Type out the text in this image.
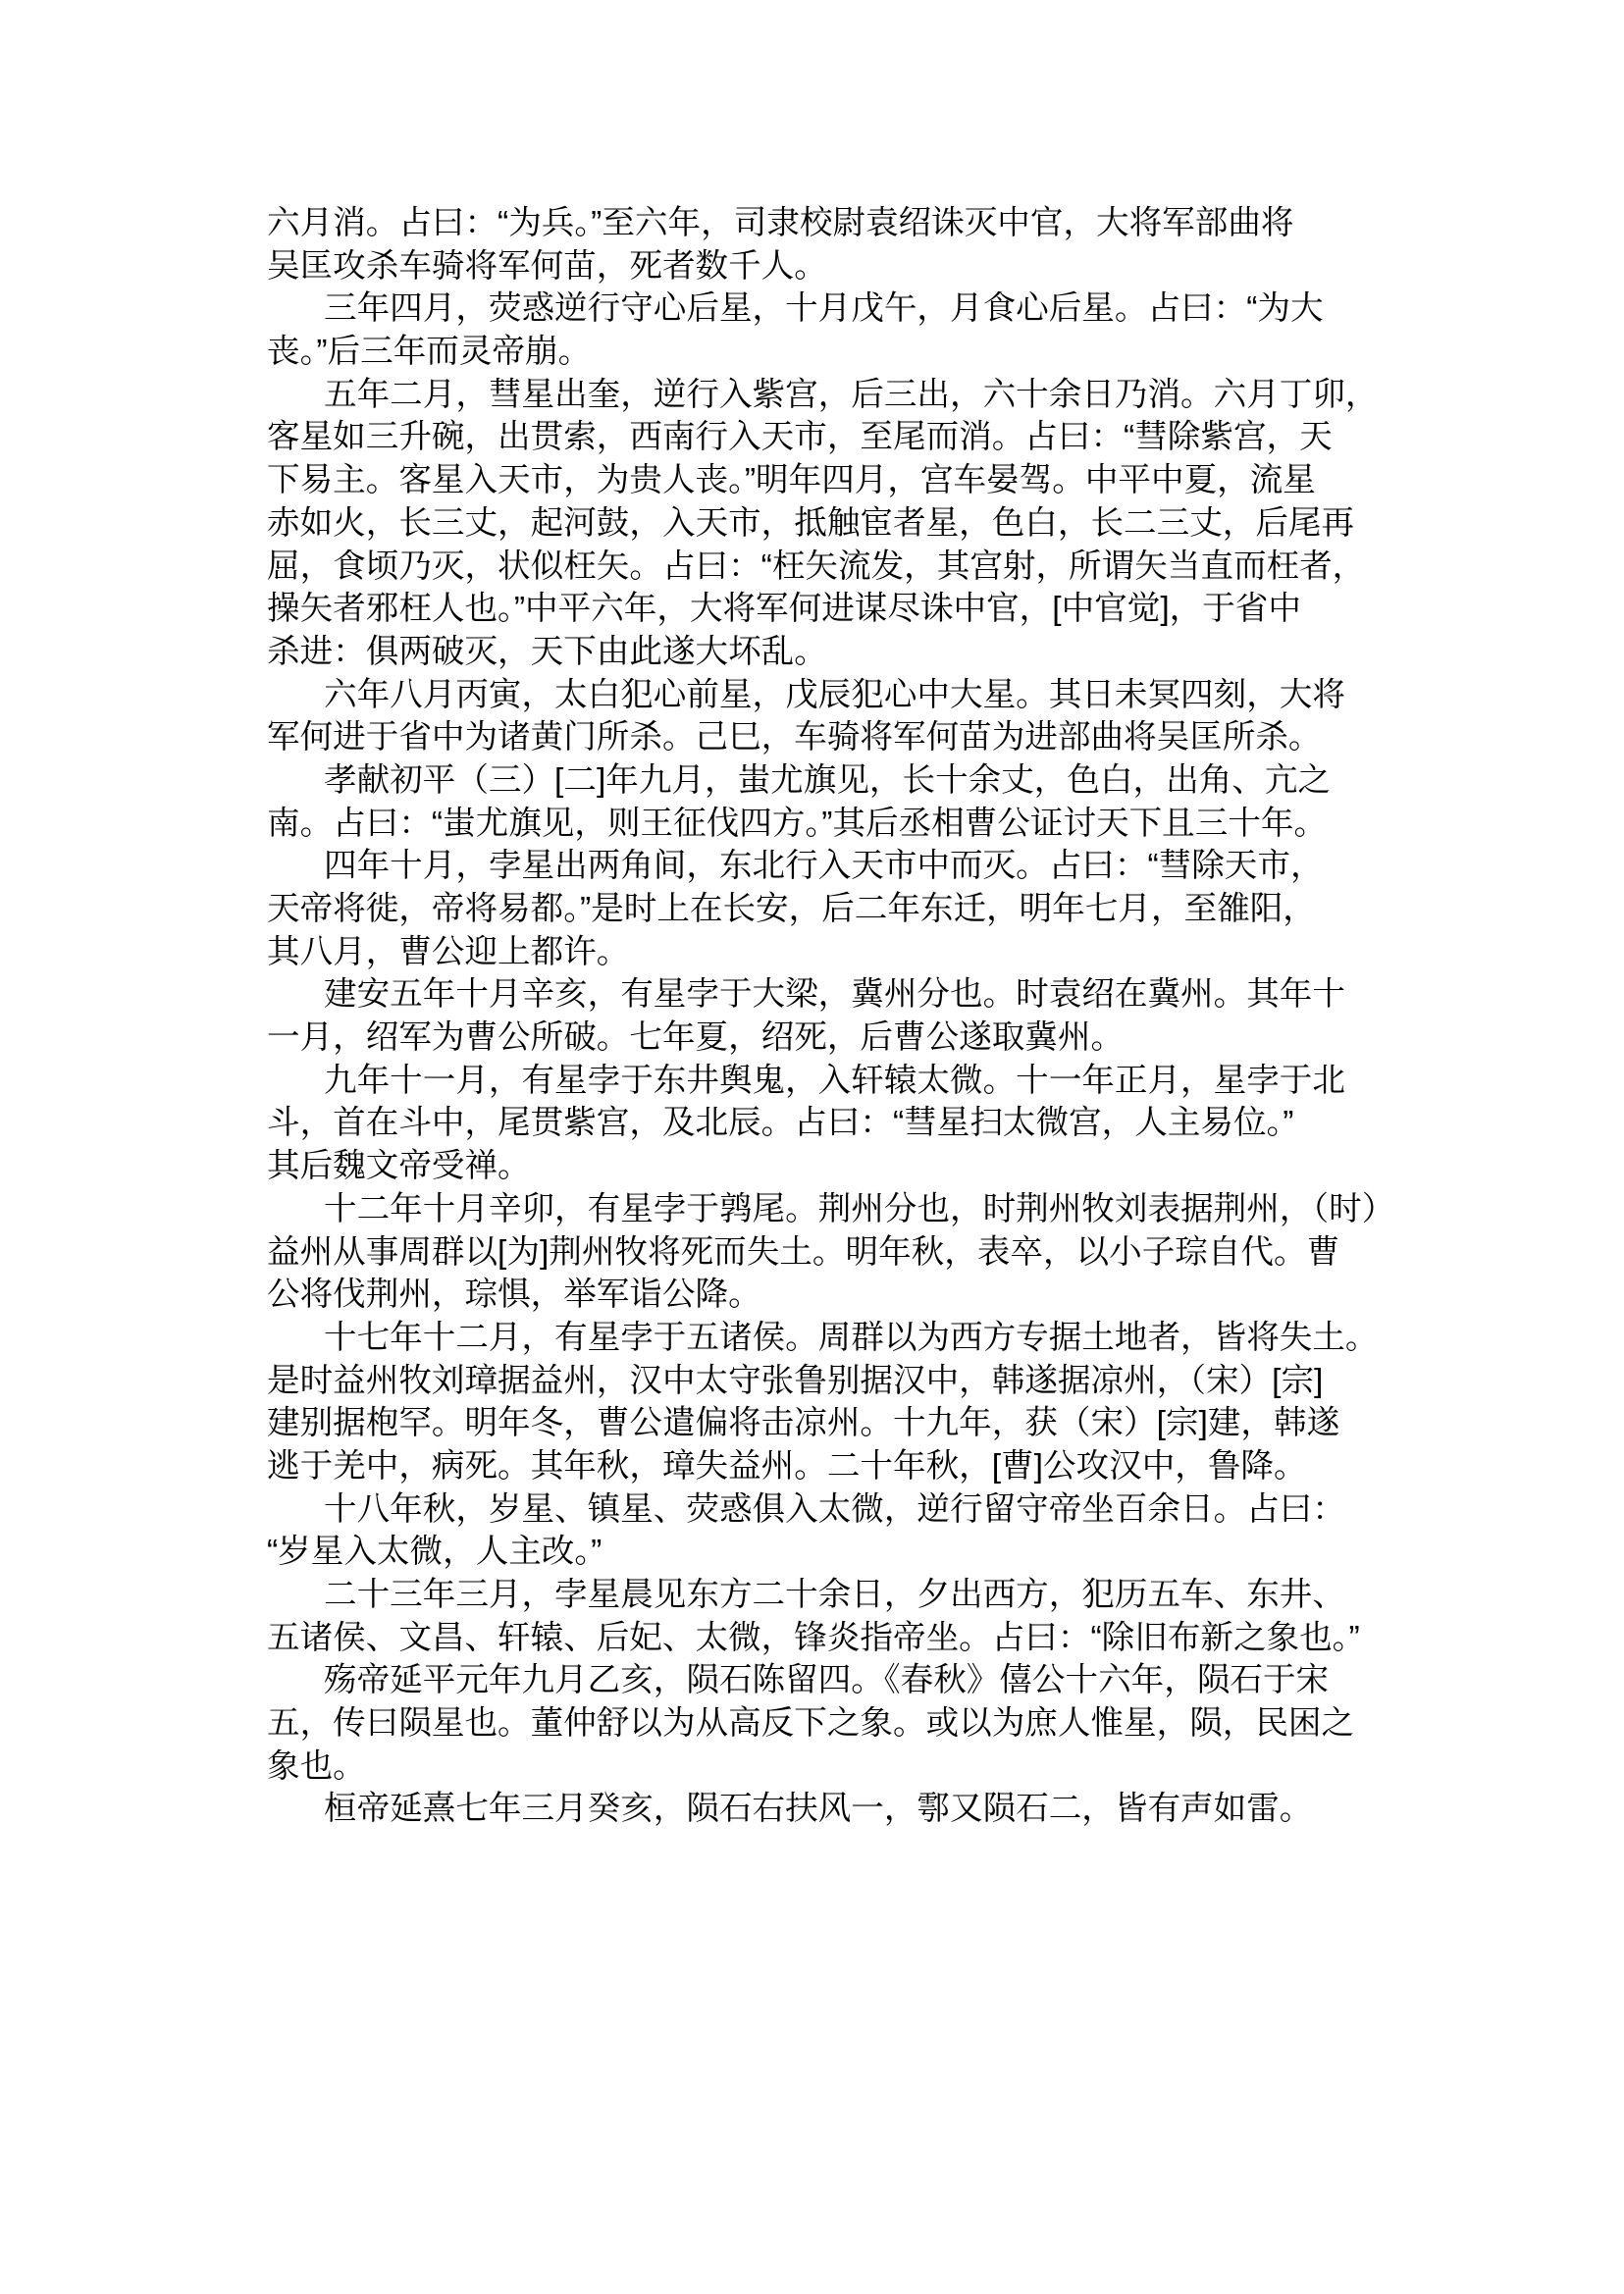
六月消。占曰：“为兵。”至六年，司隶校尉袁绍诛灭中官，大将军部曲将
吴匡攻杀车骑将军何苗，死者数千人。
三年四月，荧惑逆行守心后星，十月戊午，月食心后星。占曰：“为大
丧。”后三年而灵帝崩。
五年二月，彗星出奎，逆行入紫宫，后三出，六十余日乃消。六月丁卯，
客星如三升碗，出贯索，西南行入天市，至尾而消。占曰：“彗除紫宫，天
下易主。客星入天市，为贵人丧。”明年四月，宫车晏驾。中平中夏，流星
赤如火，长三丈，起河鼓，入天市，抵触宦者星，色白，长二三丈，后尾再
屈，食顷乃灭，状似枉矢。占曰：“枉矢流发，其宫射，所谓矢当直而枉者，
操矢者邪枉人也。”中平六年，大将军何进谋尽诛中官，[中官觉]，于省中
杀进：俱两破灭，天下由此遂大坏乱。
六年八月丙寅，太白犯心前星，戊辰犯心中大星。其日未冥四刻，大将
军何进于省中为诸黄门所杀。己巳，车骑将军何苗为进部曲将吴匡所杀。
孝献初平（三）[二]年九月，蚩尤旗见，长十余丈，色白，出角、亢之
南。占曰：“蚩尤旗见，则王征伐四方。”其后丞相曹公证讨天下且三十年。
四年十月，孛星出两角间，东北行入天市中而灭。占曰：“彗除天市，
天帝将徙，帝将易都。”是时上在长安，后二年东迁，明年七月，至雒阳，
其八月，曹公迎上都许。
建安五年十月辛亥，有星孛于大梁，冀州分也。时袁绍在冀州。其年十
一月，绍军为曹公所破。七年夏，绍死，后曹公遂取冀州。
九年十一月，有星孛于东井舆鬼，入轩辕太微。十一年正月，星孛于北
斗，首在斗中，尾贯紫宫，及北辰。占曰：“彗星扫太微宫，人主易位。”
其后魏文帝受禅。
十二年十月辛卯，有星孛于鹑尾。荆州分也，时荆州牧刘表据荆州，（时）
益州从事周群以[为]荆州牧将死而失土。明年秋，表卒，以小子琮自代。曹
公将伐荆州，琮惧，举军诣公降。
十七年十二月，有星孛于五诸侯。周群以为西方专据土地者，皆将失土。
是时益州牧刘璋据益州，汉中太守张鲁别据汉中，韩遂据凉州，（宋）[宗]
建别据枹罕。明年冬，曹公遣偏将击凉州。十九年，获（宋）[宗]建，韩遂
逃于羌中，病死。其年秋，璋失益州。二十年秋，[曹]公攻汉中，鲁降。
十八年秋，岁星、镇星、荧惑俱入太微，逆行留守帝坐百余日。占曰：
“岁星入太微，人主改。”
二十三年三月，孛星晨见东方二十余日，夕出西方，犯历五车、东井、
五诸侯、文昌、轩辕、后妃、太微，锋炎指帝坐。占曰：“除旧布新之象也。”
殇帝延平元年九月乙亥，陨石陈留四。《春秋》僖公十六年，陨石于宋
五，传曰陨星也。董仲舒以为从高反下之象。或以为庶人惟星，陨，民困之
象也。
桓帝延熹七年三月癸亥，陨石右扶风一，鄠又陨石二，皆有声如雷。
